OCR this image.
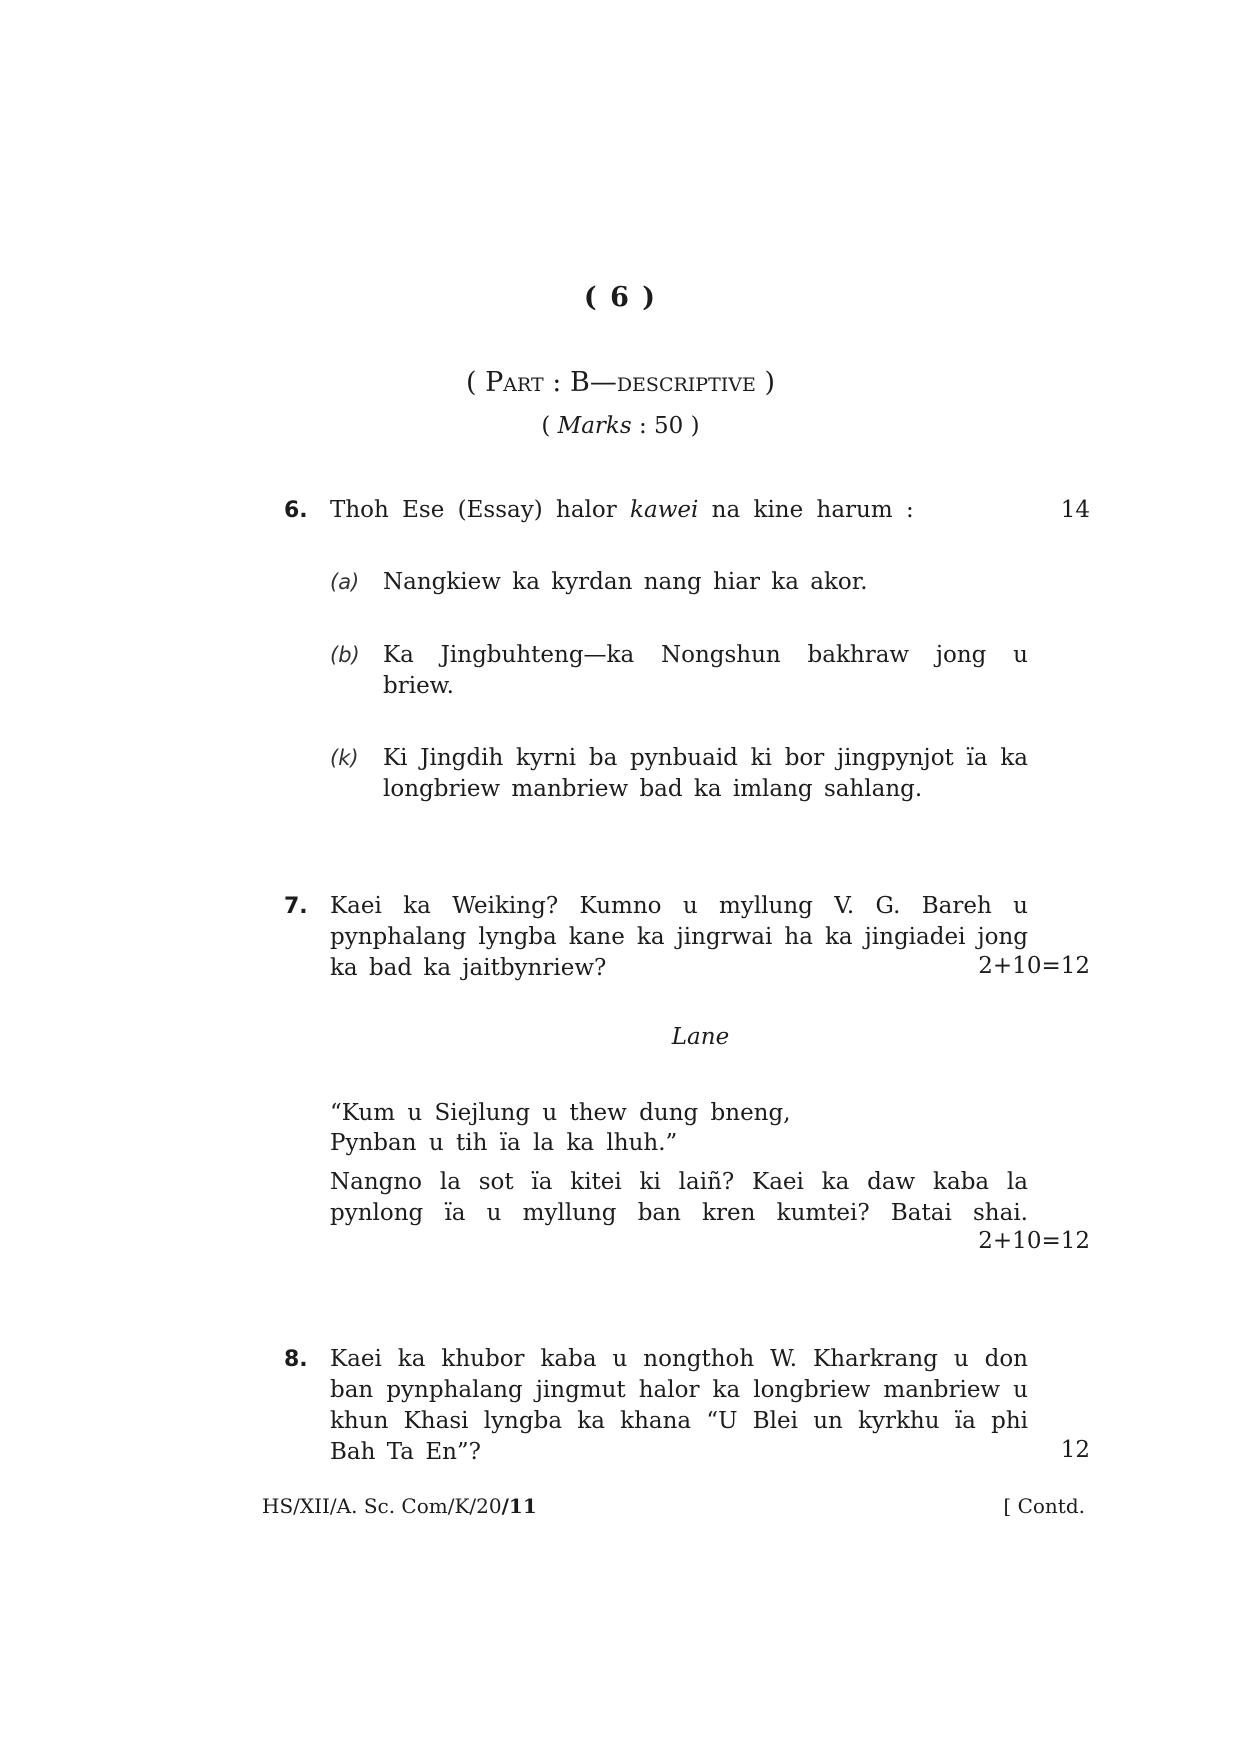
( 6 )
( Part : B—descriptive )
( Marks : 50 )
6. Thoh Ese (Essay) halor kawei na kine harum :	14
(a) Nangkiew ka kyrdan nang hiar ka akor.
(b) Ka Jingbuhteng—ka Nongshun bakhraw jong u
briew.
(k) Ki Jingdih kyrni ba pynbuaid ki bor jingpynjot ïa ka
longbriew manbriew bad ka imlang sahlang.
7. Kaei ka Weiking? Kumno u myllung V. G. Bareh u
pynphalang lyngba kane ka jingrwai ha ka jingiadei jong
ka bad ka jaitbynriew?	2+10=12
Lane
“Kum u Siejlung u thew dung bneng,
Pynban u tih ïa la ka lhuh.”
Nangno la sot ïa kitei ki laiñ? Kaei ka daw kaba la
pynlong ïa u myllung ban kren kumtei? Batai shai.
2+10=12
8. Kaei ka khubor kaba u nongthoh W. Kharkrang u don
ban pynphalang jingmut halor ka longbriew manbriew u
khun Khasi lyngba ka khana “U Blei un kyrkhu ïa phi
Bah Ta En”?	12
HS/XII/A. Sc. Com/K/20/11	[ Contd.
